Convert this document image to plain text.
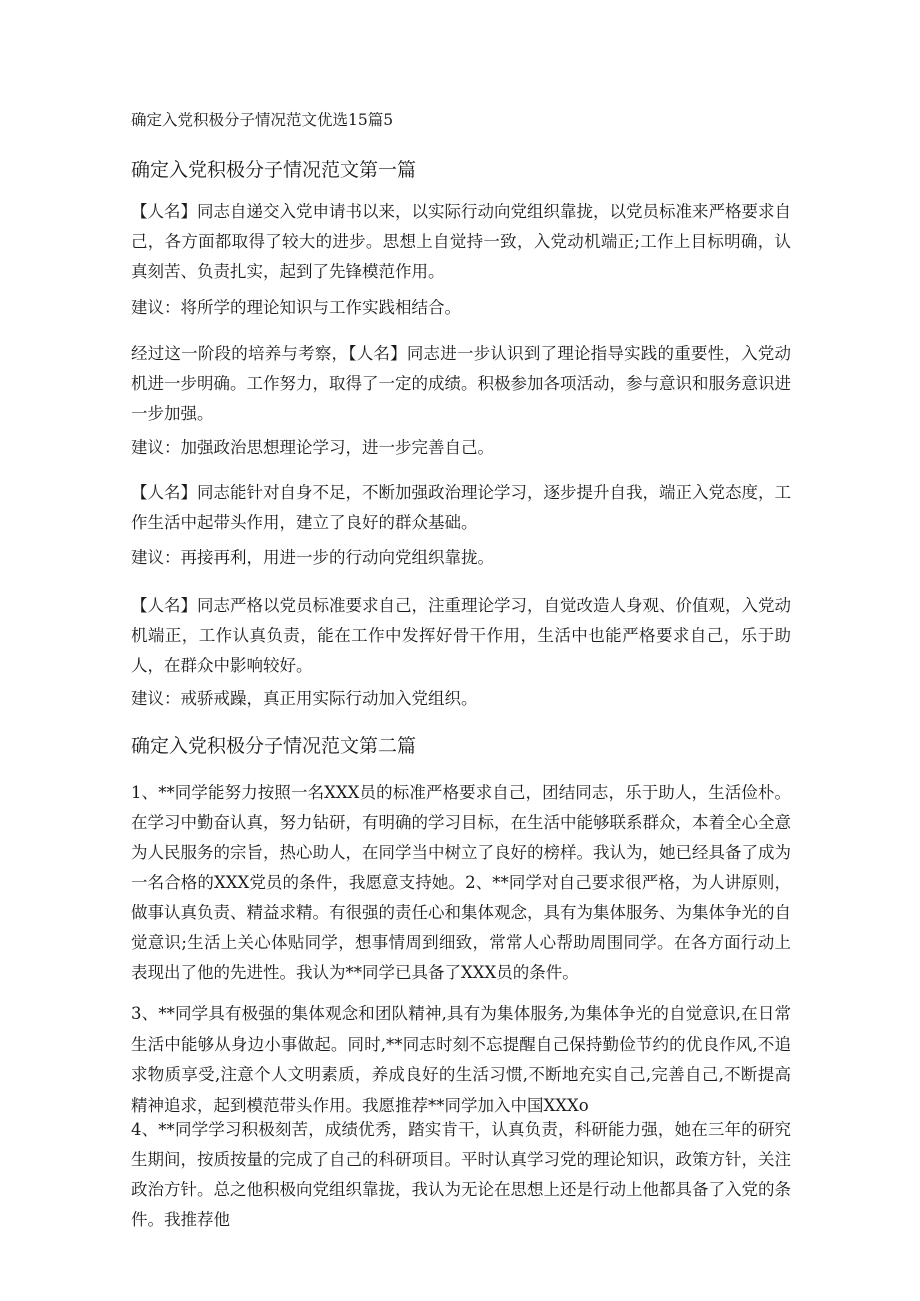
确定入党积极分子情况范文优选15篇5
确定入党积极分子情况范文第一篇
【人名】同志自递交入党申请书以来，以实际行动向党组织靠拢，以党员标准来严格要求自己，各方面都取得了较大的进步。思想上自觉持一致，入党动机端正;工作上目标明确，认真刻苦、负责扎实，起到了先锋模范作用。
建议：将所学的理论知识与工作实践相结合。
经过这一阶段的培养与考察，【人名】同志进一步认识到了理论指导实践的重要性，入党动机进一步明确。工作努力，取得了一定的成绩。积极参加各项活动，参与意识和服务意识进一步加强。
建议：加强政治思想理论学习，进一步完善自己。
【人名】同志能针对自身不足，不断加强政治理论学习，逐步提升自我，端正入党态度，工作生活中起带头作用，建立了良好的群众基础。
建议：再接再利，用进一步的行动向党组织靠拢。
【人名】同志严格以党员标准要求自己，注重理论学习，自觉改造人身观、价值观，入党动机端正，工作认真负责，能在工作中发挥好骨干作用，生活中也能严格要求自己，乐于助人，在群众中影响较好。
建议：戒骄戒躁，真正用实际行动加入党组织。
确定入党积极分子情况范文第二篇
1、**同学能努力按照一名XXX员的标准严格要求自己，团结同志，乐于助人，生活俭朴。在学习中勤奋认真，努力钻研，有明确的学习目标，在生活中能够联系群众，本着全心全意为人民服务的宗旨，热心助人，在同学当中树立了良好的榜样。我认为，她已经具备了成为一名合格的XXX党员的条件，我愿意支持她。2、**同学对自己要求很严格，为人讲原则，做事认真负责、精益求精。有很强的责任心和集体观念，具有为集体服务、为集体争光的自觉意识;生活上关心体贴同学，想事情周到细致，常常人心帮助周围同学。在各方面行动上表现出了他的先进性。我认为**同学已具备了XXX员的条件。
3、**同学具有极强的集体观念和团队精神,具有为集体服务,为集体争光的自觉意识,在日常生活中能够从身边小事做起。同时,**同志时刻不忘提醒自己保持勤俭节约的优良作风,不追求物质享受,注意个人文明素质，养成良好的生活习惯,不断地充实自己,完善自己,不断提高精神追求，起到模范带头作用。我愿推荐**同学加入中国XXXo
4、**同学学习积极刻苦，成绩优秀，踏实肯干，认真负责，科研能力强，她在三年的研究生期间，按质按量的完成了自己的科研项目。平时认真学习党的理论知识，政策方针，关注政治方针。总之他积极向党组织靠拢，我认为无论在思想上还是行动上他都具备了入党的条件。我推荐他
